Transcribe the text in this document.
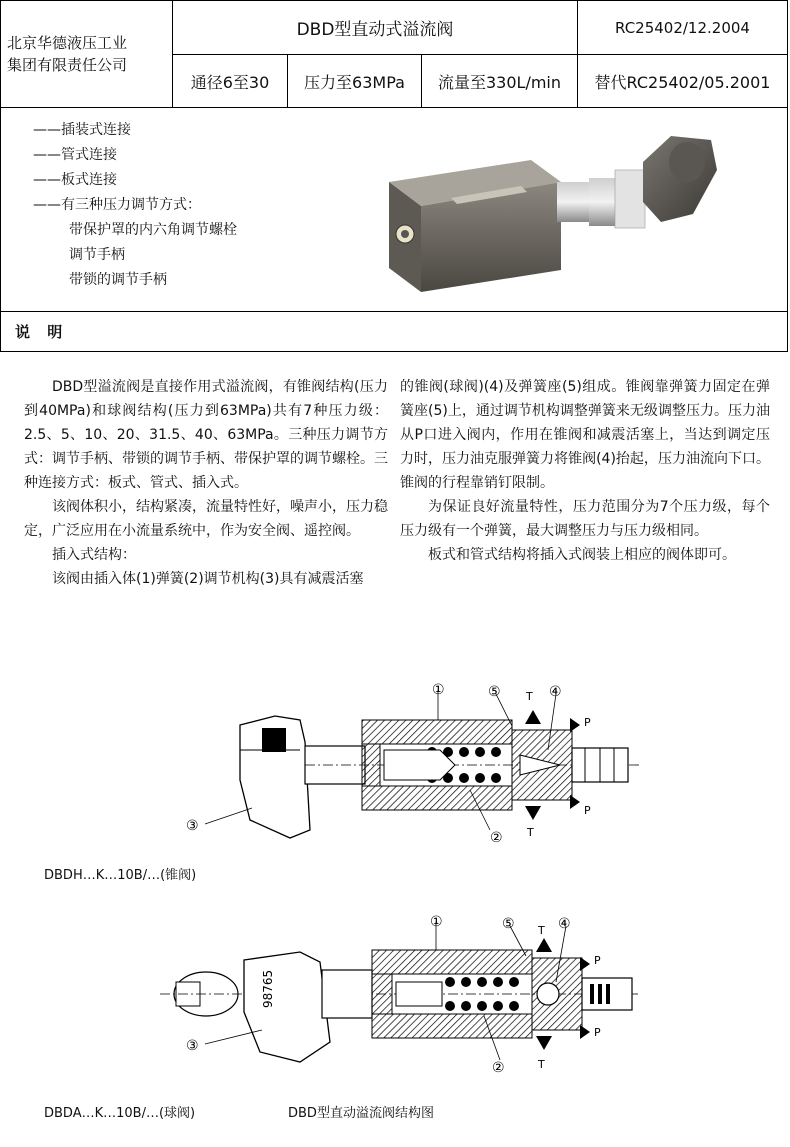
北京华德液压工业
集团有限责任公司
DBD型直动式溢流阀	RC25402/12.2004
通径6至30	压力至63MPa	流量至330L/min	替代RC25402/05.2001
——插装式连接
——管式连接
——板式连接
——有三种压力调节方式：
带保护罩的内六角调节螺栓
调节手柄
带锁的调节手柄
说 明

DBD型溢流阀是直接作用式溢流阀，有锥阀结构(压力到40MPa)和球阀结构(压力到63MPa)共有7种压力级：2.5、5、10、20、31.5、40、63MPa。三种压力调节方式：调节手柄、带锁的调节手柄、带保护罩的调节螺栓。三种连接方式：板式、管式、插入式。

该阀体积小，结构紧凑，流量特性好，噪声小，压力稳定，广泛应用在小流量系统中，作为安全阀、遥控阀。

插入式结构：

该阀由插入体(1)弹簧(2)调节机构(3)具有减震活塞

的锥阀(球阀)(4)及弹簧座(5)组成。锥阀靠弹簧力固定在弹簧座(5)上，通过调节机构调整弹簧来无级调整压力。压力油从P口进入阀内，作用在锥阀和减震活塞上，当达到调定压力时，压力油克服弹簧力将锥阀(4)抬起，压力油流向下口。锥阀的行程靠销钉限制。

为保证良好流量特性，压力范围分为7个压力级，每个压力级有一个弹簧，最大调整压力与压力级相同。

板式和管式结构将插入式阀装上相应的阀体即可。

①	⑤ T ④
P
③
② T
P
DBDH…K…10B/…(锥阀)
98765
①	⑤ T ④
P
③
②	T
P
DBDA…K…10B/…(球阀)	DBD型直动溢流阀结构图
